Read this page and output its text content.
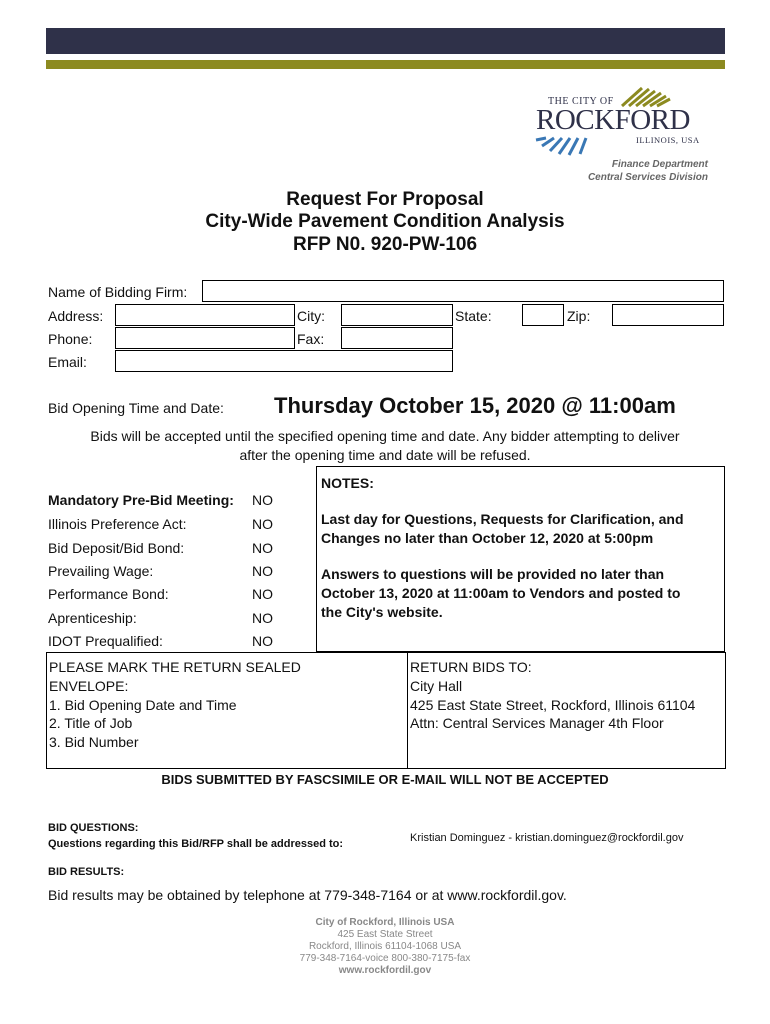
THE CITY OF
ROCKFORD
ILLINOIS, USA
Finance Department
Central Services Division
Request For Proposal
City-Wide Pavement Condition Analysis
RFP N0. 920-PW-106
Name of Bidding Firm:
Address:	City:	State:	Zip:
Phone:	Fax:
Email:
Bid Opening Time and Date: Thursday October 15, 2020 @ 11:00am
Bids will be accepted until the specified opening time and date. Any bidder attempting to deliver
after the opening time and date will be refused.
Mandatory Pre-Bid Meeting: NO
Illinois Preference Act:	NO
Bid Deposit/Bid Bond:	NO
Prevailing Wage:	NO
Performance Bond:	NO
Aprenticeship:	NO
IDOT Prequalified:	NO
NOTES:
Last day for Questions, Requests for Clarification, and
Changes no later than October 12, 2020 at 5:00pm
Answers to questions will be provided no later than
October 13, 2020 at 11:00am to Vendors and posted to
the City's website.
PLEASE MARK THE RETURN SEALED
ENVELOPE:
1. Bid Opening Date and Time
2. Title of Job
3. Bid Number
RETURN BIDS TO:
City Hall
425 East State Street, Rockford, Illinois 61104
Attn: Central Services Manager 4th Floor
BIDS SUBMITTED BY FASCSIMILE OR E-MAIL WILL NOT BE ACCEPTED
BID QUESTIONS:
Questions regarding this Bid/RFP shall be addressed to:	Kristian Dominguez - kristian.dominguez@rockfordil.gov
BID RESULTS:
Bid results may be obtained by telephone at 779-348-7164 or at www.rockfordil.gov.
City of Rockford, Illinois USA
425 East State Street
Rockford, Illinois 61104-1068 USA
779-348-7164-voice 800-380-7175-fax
www.rockfordil.gov
